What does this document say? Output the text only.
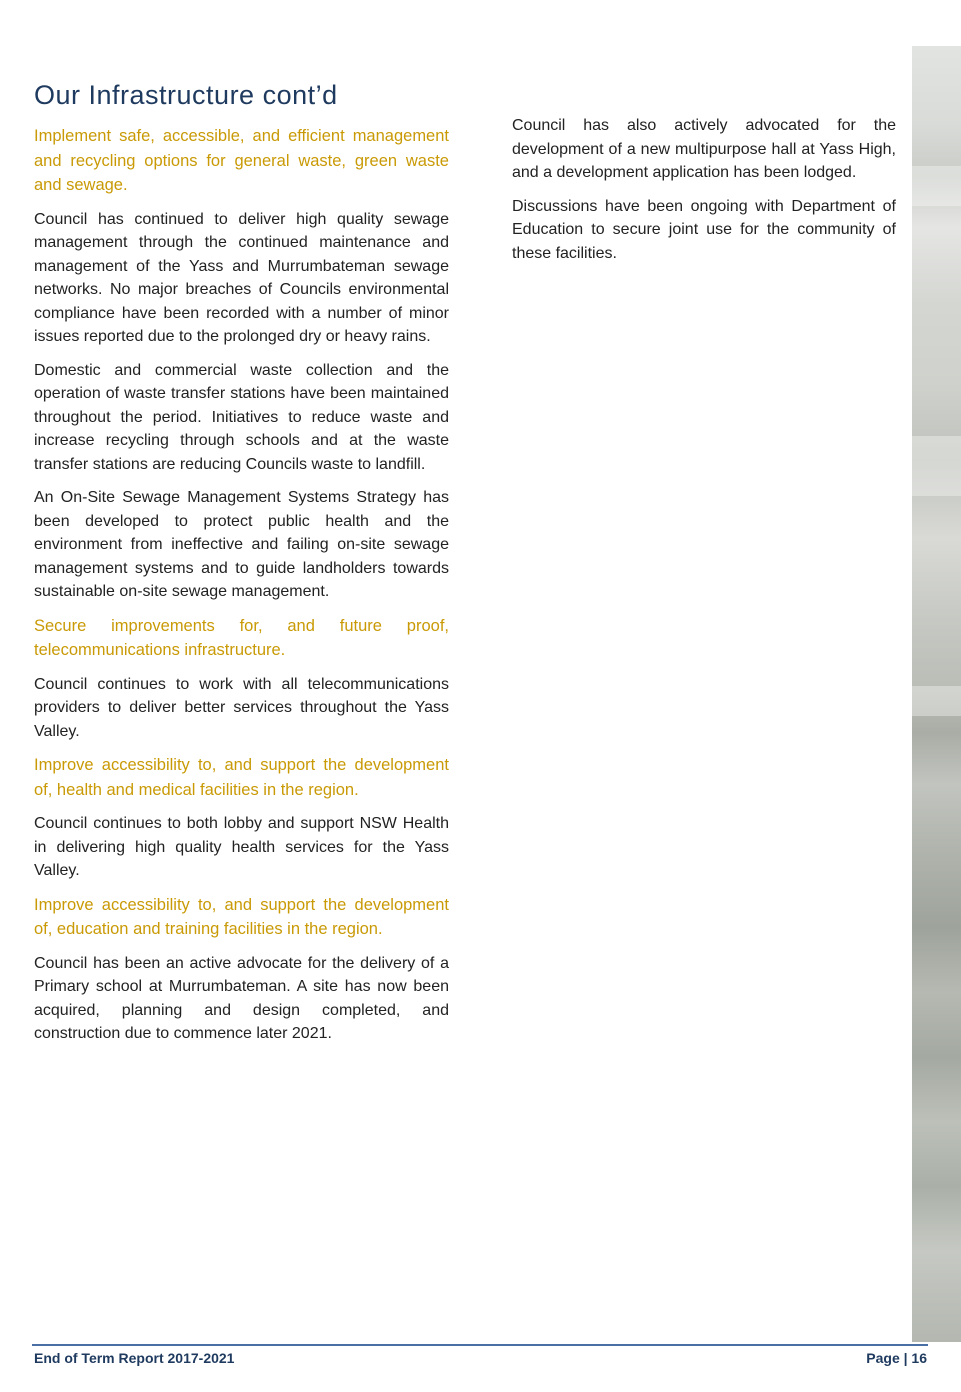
Our Infrastructure cont’d

Implement safe, accessible, and efficient management and recycling options for general waste, green waste and sewage.

Council has continued to deliver high quality sewage management through the continued maintenance and management of the Yass and Murrumbateman sewage networks. No major breaches of Councils environmental compliance have been recorded with a number of minor issues reported due to the prolonged dry or heavy rains.

Domestic and commercial waste collection and the operation of waste transfer stations have been maintained throughout the period. Initiatives to reduce waste and increase recycling through schools and at the waste transfer stations are reducing Councils waste to landfill.

An On-Site Sewage Management Systems Strategy has been developed to protect public health and the environment from ineffective and failing on-site sewage management systems and to guide landholders towards sustainable on-site sewage management.

Secure improvements for, and future proof, telecommunications infrastructure.

Council continues to work with all telecommunications providers to deliver better services throughout the Yass Valley.

Improve accessibility to, and support the development of, health and medical facilities in the region.

Council continues to both lobby and support NSW Health in delivering high quality health services for the Yass Valley.

Improve accessibility to, and support the development of, education and training facilities in the region.

Council has been an active advocate for the delivery of a Primary school at Murrumbateman. A site has now been acquired, planning and design completed, and construction due to commence later 2021.

Council has also actively advocated for the development of a new multipurpose hall at Yass High, and a development application has been lodged.

Discussions have been ongoing with Department of Education to secure joint use for the community of these facilities.

End of Term Report 2017-2021	Page | 16
